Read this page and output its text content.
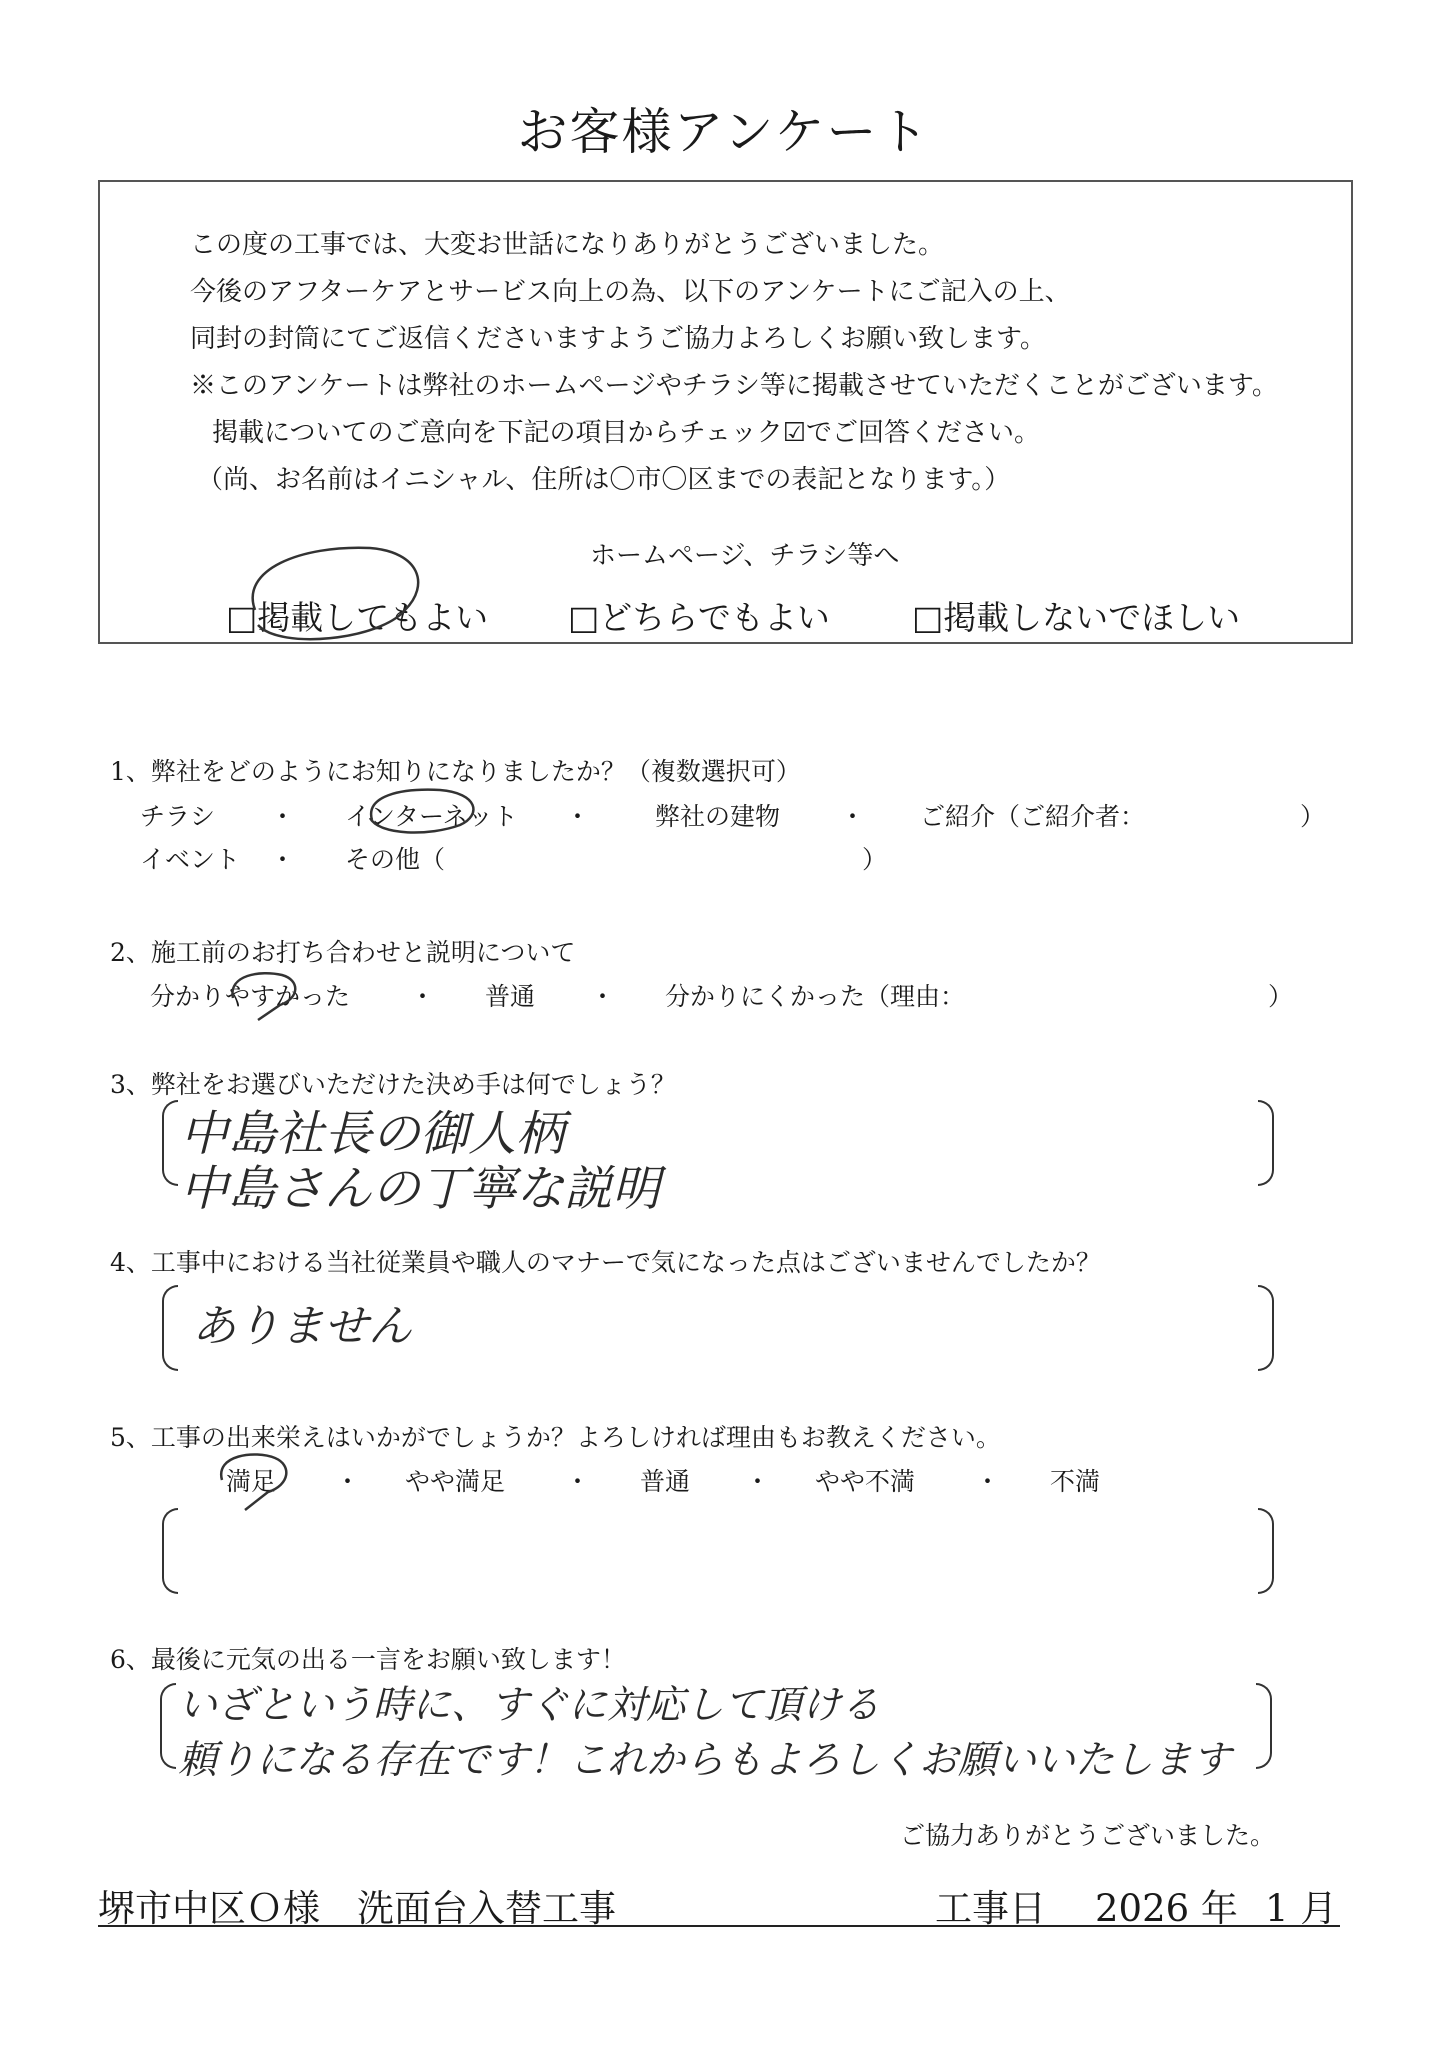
お客様アンケート
この度の工事では、大変お世話になりありがとうございました。
今後のアフターケアとサービス向上の為、以下のアンケートにご記入の上、
同封の封筒にてご返信くださいますようご協力よろしくお願い致します。
※このアンケートは弊社のホームページやチラシ等に掲載させていただくことがございます。
掲載についてのご意向を下記の項目からチェック☑でご回答ください。
（尚、お名前はイニシャル、住所は〇市〇区までの表記となります。）
ホームページ、チラシ等へ
□掲載してもよい □どちらでもよい □掲載しないでほしい
1、弊社をどのようにお知りになりましたか？（複数選択可）
チラシ ・ インターネット ・	弊社の建物 ・ ご紹介（ご紹介者：	）
イベント ・ その他（	）
2、施工前のお打ち合わせと説明について
分かりやすかった ・ 普通 ・ 分かりにくかった（理由：	）
3、弊社をお選びいただけた決め手は何でしょう？
中島社長の御人柄
中島さんの丁寧な説明
4、工事中における当社従業員や職人のマナーで気になった点はございませんでしたか？
ありません
5、工事の出来栄えはいかがでしょうか？よろしければ理由もお教えください。
満足 ・ やや満足 ・ 普通 ・ やや不満 ・ 不満
6、最後に元気の出る一言をお願い致します！
いざという時に、すぐに対応して頂ける
頼りになる存在です！これからもよろしくお願いいたします
ご協力ありがとうございました。
堺市中区Ｏ様　洗面台入替工事	工事日 2026 年 1 月
